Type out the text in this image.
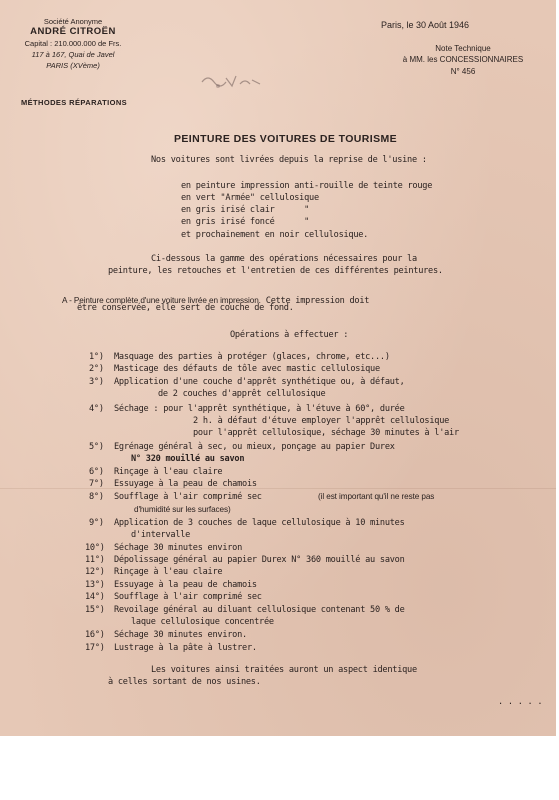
Société Anonyme
ANDRÉ CITROËN
Capital : 210.000.000 de Frs.
117 à 167, Quai de Javel
PARIS (XVème)
MÉTHODES RÉPARATIONS
Paris, le 30 Août 1946
Note Technique
à MM. les CONCESSIONNAIRES
N° 456
PEINTURE DES VOITURES DE TOURISME
Nos voitures sont livrées depuis la reprise de l'usine :
en peinture impression anti-rouille de teinte rouge
en vert "Armée" cellulosique
en gris irisé clair      "
en gris irisé foncé      "
et prochainement en noir cellulosique.
Ci-dessous la gamme des opérations nécessaires pour la
peinture, les retouches et l'entretien de ces différentes peintures.
A - Peinture complète d'une voiture livrée en impression. Cette impression doit
être conservée, elle sert de couche de fond.
Opérations à effectuer :
1°) Masquage des parties à protéger (glaces, chrome, etc...)
2°) Masticage des défauts de tôle avec mastic cellulosique
3°) Application d'une couche d'apprêt synthétique ou, à défaut,
de 2 couches d'apprêt cellulosique
4°) Séchage : pour l'apprêt synthétique, à l'étuve à 60°, durée
2 h. à défaut d'étuve employer l'apprêt cellulosique
pour l'apprêt cellulosique, séchage 30 minutes à l'air
5°) Egrénage général à sec, ou mieux, ponçage au papier Durex
N° 320 mouillé au savon
6°) Rinçage à l'eau claire
7°) Essuyage à la peau de chamois
8°) Soufflage à l'air comprimé sec	(il est important qu'il ne reste pas
d'humidité sur les surfaces)
9°) Application de 3 couches de laque cellulosique à 10 minutes
d'intervalle
10°) Séchage 30 minutes environ
11°) Dépolissage général au papier Durex N° 360 mouillé au savon
12°) Rinçage à l'eau claire
13°) Essuyage à la peau de chamois
14°) Soufflage à l'air comprimé sec
15°) Revoilage général au diluant cellulosique contenant 50 % de
laque cellulosique concentrée
16°) Séchage 30 minutes environ.
17°) Lustrage à la pâte à lustrer.
Les voitures ainsi traitées auront un aspect identique
à celles sortant de nos usines.
. . . . .
